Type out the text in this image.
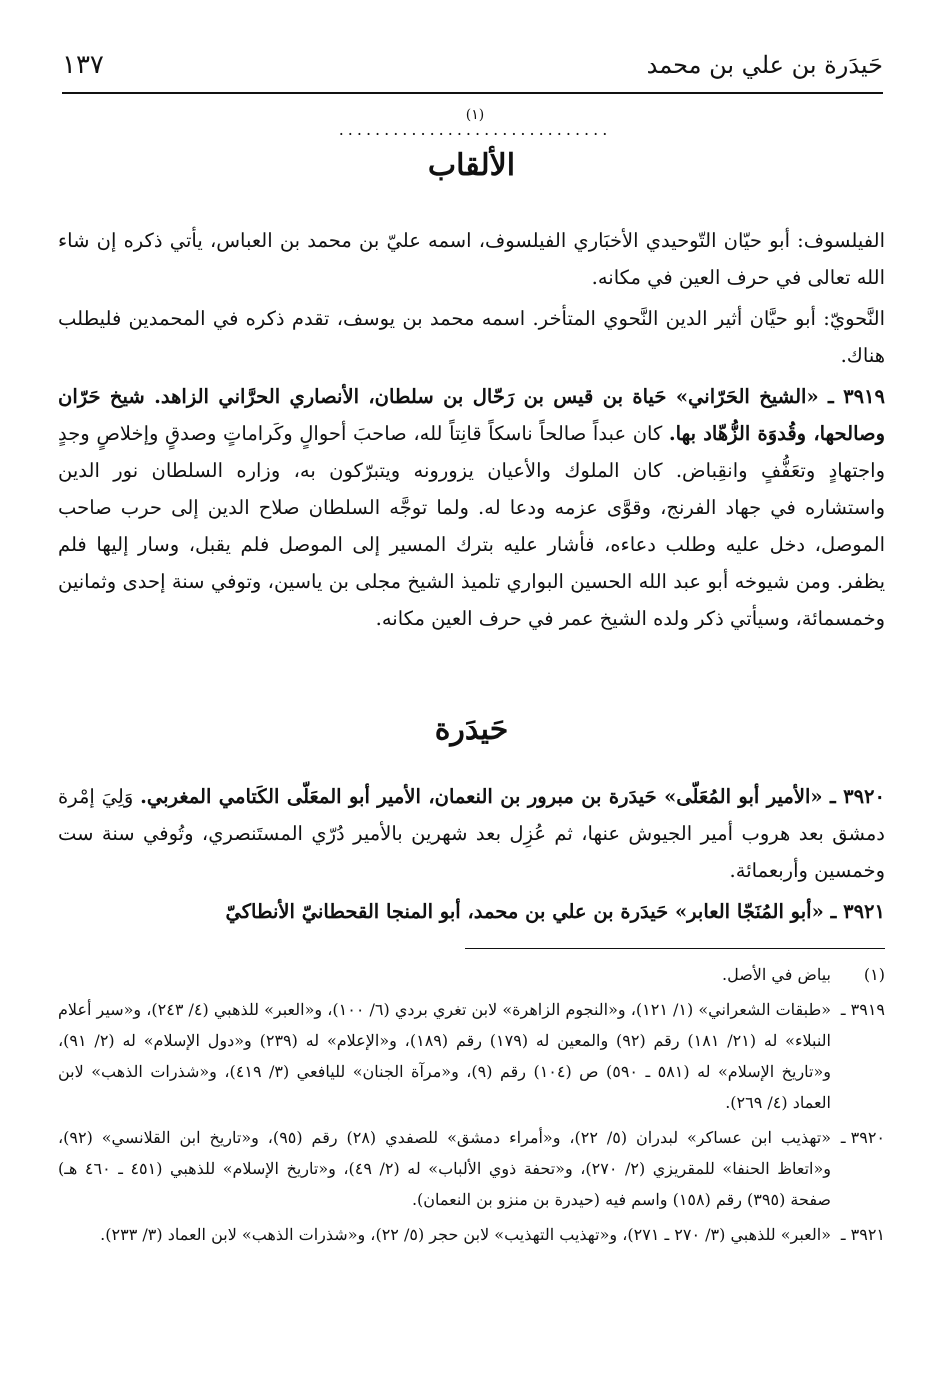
حَيدَرة بن علي بن محمد
١٣٧
(١)
..............................
الألقاب

الفيلسوف: أبو حيّان التّوحيدي الأخبَاري الفيلسوف، اسمه عليّ بن محمد بن العباس، يأتي ذكره إن شاء الله تعالى في حرف العين في مكانه.

النَّحويّ: أبو حيَّان أثير الدين النَّحوي المتأخر. اسمه محمد بن يوسف، تقدم ذكره في المحمدين فليطلب هناك.

٣٩١٩ ـ «الشيخ الحَرّاني» حَياة بن قيس بن رَحّال بن سلطان، الأنصاري الحرَّاني الزاهد. شيخ حَرّان وصالحها، وقُدوَة الزُّهّاد بها. كان عبداً صالحاً ناسكاً قانِتاً لله، صاحبَ أحوالٍ وكَراماتٍ وصدقٍ وإخلاصٍ وجدٍ واجتهادٍ وتعَفُّفٍ وانقِباض. كان الملوك والأعيان يزورونه ويتبرّكون به، وزاره السلطان نور الدين واستشاره في جهاد الفرنج، وقوَّى عزمه ودعا له. ولما توجَّه السلطان صلاح الدين إلى حرب صاحب الموصل، دخل عليه وطلب دعاءه، فأشار عليه بترك المسير إلى الموصل فلم يقبل، وسار إليها فلم يظفر. ومن شيوخه أبو عبد الله الحسين البواري تلميذ الشيخ مجلى بن ياسين، وتوفي سنة إحدى وثمانين وخمسمائة، وسيأتي ذكر ولده الشيخ عمر في حرف العين مكانه.

حَيدَرة

٣٩٢٠ ـ «الأمير أبو المُعَلّى» حَيدَرة بن مبرور بن النعمان، الأمير أبو المعَلّى الكَتامي المغربي. وَلِيَ إمْرة دمشق بعد هروب أمير الجيوش عنها، ثم عُزِل بعد شهرين بالأمير دُرّي المستَنصري، وتُوفي سنة ست وخمسين وأربعمائة.

٣٩٢١ ـ «أبو المُنَجّا العابر» حَيدَرة بن علي بن محمد، أبو المنجا القحطانيّ الأنطاكيّ

(١)
بياض في الأصل.
٣٩١٩ ـ
«طبقات الشعراني» (١/ ١٢١)، و«النجوم الزاهرة» لابن تغري بردي (٦/ ١٠٠)، و«العبر» للذهبي (٤/ ٢٤٣)، و«سير أعلام النبلاء» له (٢١/ ١٨١) رقم (٩٢) والمعين له (١٧٩) رقم (١٨٩)، و«الإعلام» له (٢٣٩) و«دول الإسلام» له (٢/ ٩١)، و«تاريخ الإسلام» له (٥٨١ ـ ٥٩٠) ص (١٠٤) رقم (٩)، و«مرآة الجنان» لليافعي (٣/ ٤١٩)، و«شذرات الذهب» لابن العماد (٤/ ٢٦٩).
٣٩٢٠ ـ
«تهذيب ابن عساكر» لبدران (٥/ ٢٢)، و«أمراء دمشق» للصفدي (٢٨) رقم (٩٥)، و«تاريخ ابن القلانسي» (٩٢)، و«اتعاظ الحنفا» للمقريزي (٢/ ٢٧٠)، و«تحفة ذوي الألباب» له (٢/ ٤٩)، و«تاريخ الإسلام» للذهبي (٤٥١ ـ ٤٦٠ هـ) صفحة (٣٩٥) رقم (١٥٨) واسم فيه (حيدرة بن منزو بن النعمان).
٣٩٢١ ـ
«العبر» للذهبي (٣/ ٢٧٠ ـ ٢٧١)، و«تهذيب التهذيب» لابن حجر (٥/ ٢٢)، و«شذرات الذهب» لابن العماد (٣/ ٢٣٣).
